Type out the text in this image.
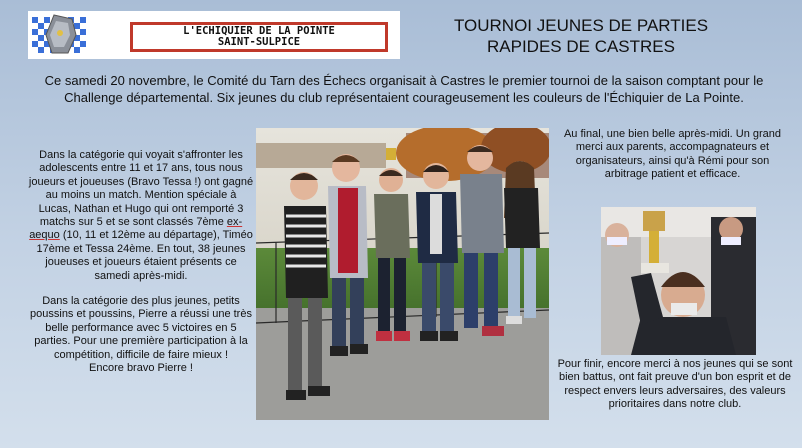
L'ECHIQUIER DE LA POINTE
SAINT-SULPICE
TOURNOI JEUNES DE PARTIES
RAPIDES DE CASTRES
Ce samedi 20 novembre, le Comité du Tarn des Échecs organisait à Castres le premier tournoi de la saison comptant pour le Challenge départemental. Six jeunes du club représentaient courageusement les couleurs de l'Échiquier de La Pointe.

Dans la catégorie qui voyait s'affronter les adolescents entre 11 et 17 ans, tous nous joueurs et joueuses (Bravo Tessa !) ont gagné au moins un match. Mention spéciale à Lucas, Nathan et Hugo qui ont remporté 3 matchs sur 5 et se sont classés 7ème ex-aequo (10, 11 et 12ème au départage), Timéo 17ème et Tessa 24ème. En tout, 38 jeunes joueuses et joueurs étaient présents ce samedi après-midi.

Dans la catégorie des plus jeunes, petits poussins et poussins, Pierre a réussi une très belle performance avec 5 victoires en 5 parties. Pour une première participation à la compétition, difficile de faire mieux !
Encore bravo Pierre !

Au final, une bien belle après-midi. Un grand merci aux parents, accompagnateurs et organisateurs, ainsi qu'à Rémi pour son arbitrage patient et efficace.
Pour finir, encore merci à nos jeunes qui se sont bien battus, ont fait preuve d'un bon esprit et de respect envers leurs adversaires, des valeurs prioritaires dans notre club.
